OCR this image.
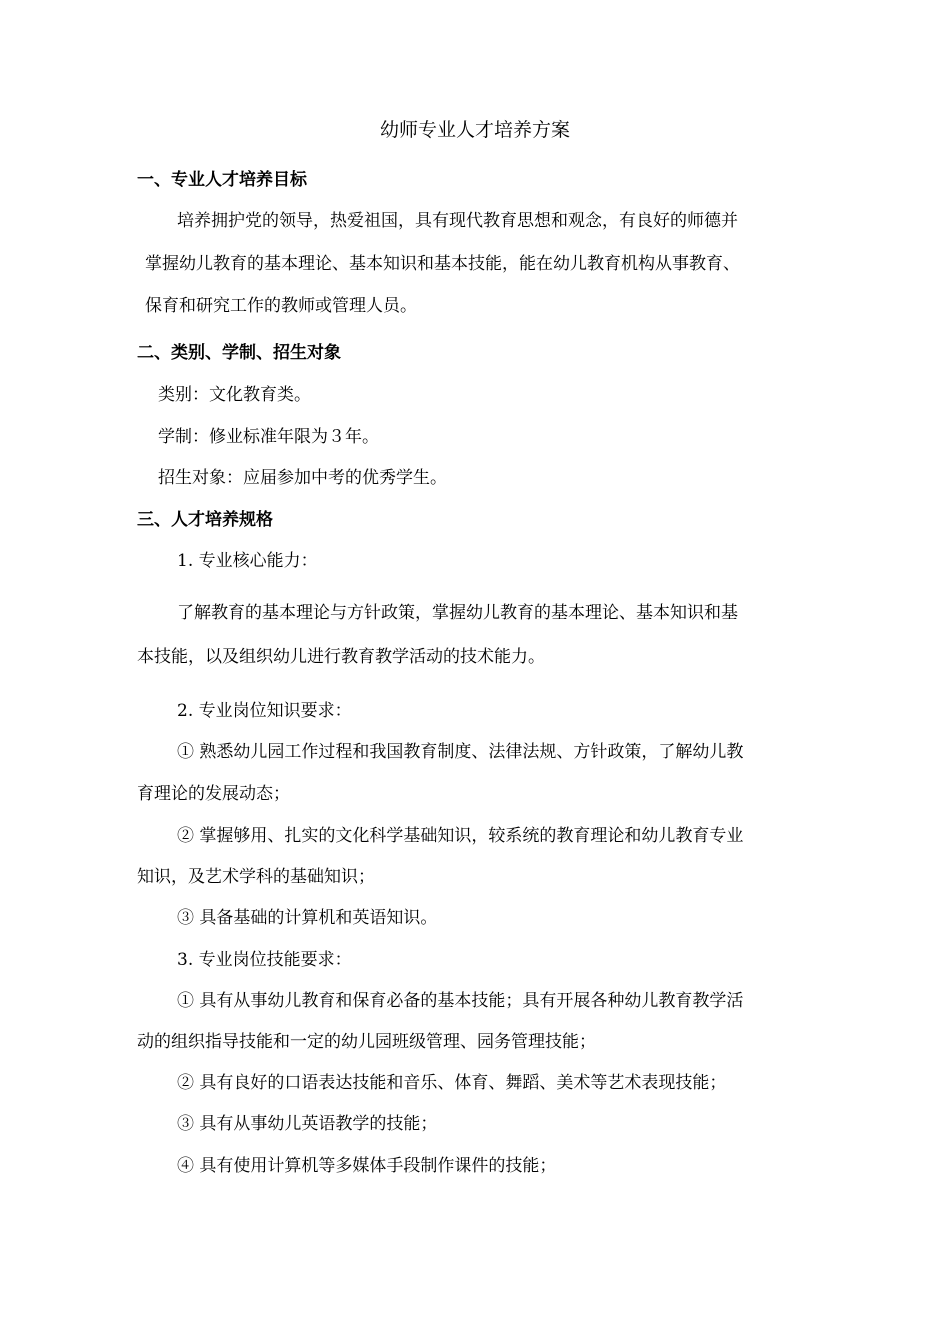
幼师专业人才培养方案
一、专业人才培养目标
培养拥护党的领导，热爱祖国，具有现代教育思想和观念，有良好的师德并
掌握幼儿教育的基本理论、基本知识和基本技能，能在幼儿教育机构从事教育、
保育和研究工作的教师或管理人员。
二、类别、学制、招生对象
类别：文化教育类。
学制：修业标准年限为３年。
招生对象：应届参加中考的优秀学生。
三、人才培养规格
1. 专业核心能力：
了解教育的基本理论与方针政策，掌握幼儿教育的基本理论、基本知识和基
本技能，以及组织幼儿进行教育教学活动的技术能力。
2. 专业岗位知识要求：
① 熟悉幼儿园工作过程和我国教育制度、法律法规、方针政策，了解幼儿教
育理论的发展动态；
② 掌握够用、扎实的文化科学基础知识，较系统的教育理论和幼儿教育专业
知识，及艺术学科的基础知识；
③ 具备基础的计算机和英语知识。
3. 专业岗位技能要求：
① 具有从事幼儿教育和保育必备的基本技能；具有开展各种幼儿教育教学活
动的组织指导技能和一定的幼儿园班级管理、园务管理技能；
② 具有良好的口语表达技能和音乐、体育、舞蹈、美术等艺术表现技能；
③ 具有从事幼儿英语教学的技能；
④ 具有使用计算机等多媒体手段制作课件的技能；
